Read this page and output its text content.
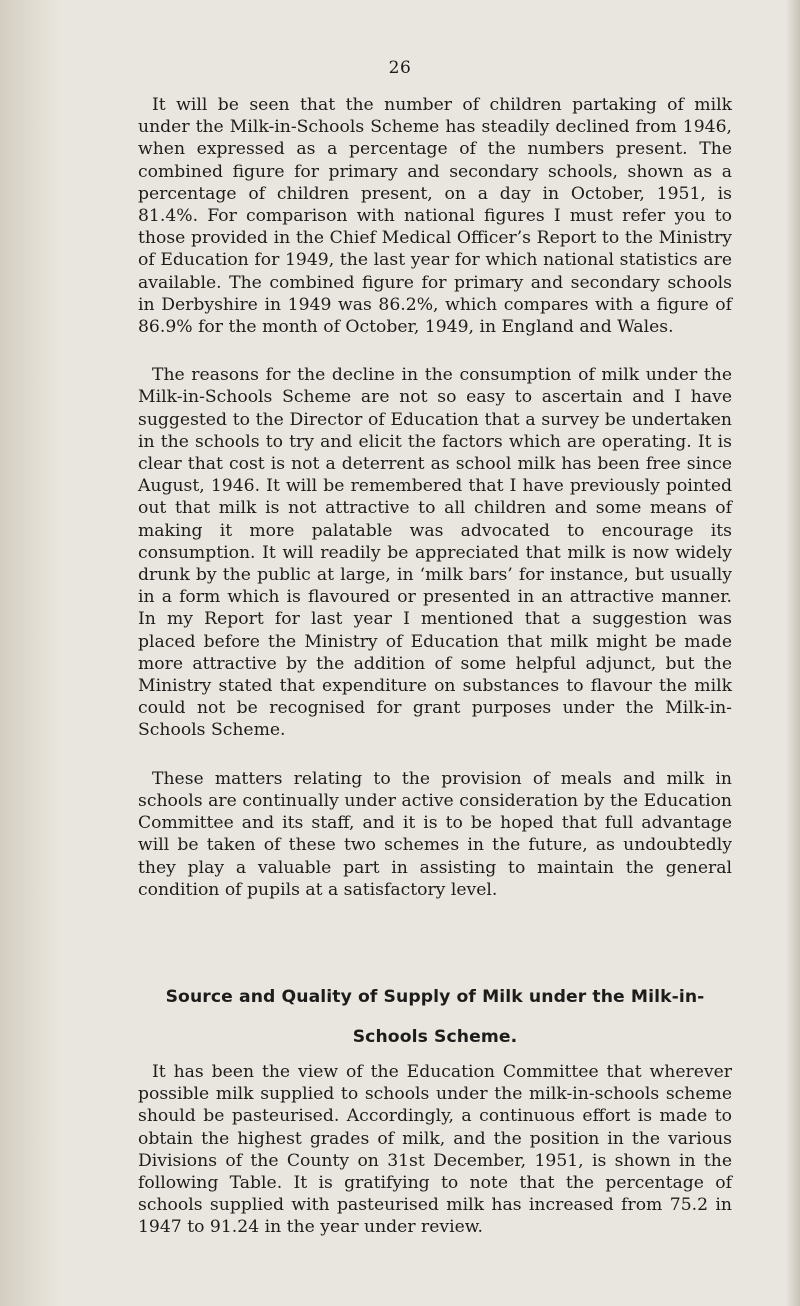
26

It will be seen that the number of children partaking of milk under the Milk-in-Schools Scheme has steadily declined from 1946, when expressed as a percentage of the numbers present. The combined figure for primary and secondary schools, shown as a percentage of children present, on a day in October, 1951, is 81.4%. For comparison with national figures I must refer you to those provided in the Chief Medical Officer’s Report to the Ministry of Education for 1949, the last year for which national statistics are available. The combined figure for primary and secondary schools in Derbyshire in 1949 was 86.2%, which compares with a figure of 86.9% for the month of October, 1949, in England and Wales.

The reasons for the decline in the consumption of milk under the Milk-in-Schools Scheme are not so easy to ascertain and I have suggested to the Director of Education that a survey be undertaken in the schools to try and elicit the factors which are operating. It is clear that cost is not a deterrent as school milk has been free since August, 1946. It will be remembered that I have previously pointed out that milk is not attractive to all children and some means of making it more palatable was advocated to encourage its consumption. It will readily be appreciated that milk is now widely drunk by the public at large, in ‘milk bars’ for instance, but usually in a form which is flavoured or presented in an attractive manner. In my Report for last year I mentioned that a suggestion was placed before the Ministry of Education that milk might be made more attractive by the addition of some helpful adjunct, but the Ministry stated that expenditure on substances to flavour the milk could not be recognised for grant purposes under the Milk-in-Schools Scheme.

These matters relating to the provision of meals and milk in schools are continually under active consideration by the Education Committee and its staff, and it is to be hoped that full advantage will be taken of these two schemes in the future, as undoubtedly they play a valuable part in assisting to maintain the general condition of pupils at a satisfactory level.

Source and Quality of Supply of Milk under the Milk-in-
Schools Scheme.

It has been the view of the Education Committee that wherever possible milk supplied to schools under the milk-in-schools scheme should be pasteurised. Accordingly, a continuous effort is made to obtain the highest grades of milk, and the position in the various Divisions of the County on 31st December, 1951, is shown in the following Table. It is gratifying to note that the percentage of schools supplied with pasteurised milk has increased from 75.2 in 1947 to 91.24 in the year under review.
